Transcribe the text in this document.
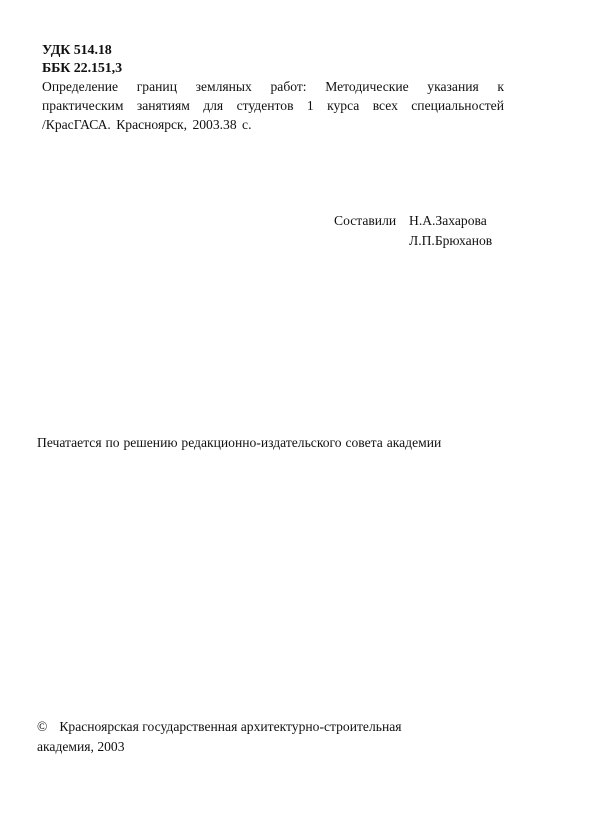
УДК 514.18
ББК 22.151,3

Определение границ земляных работ: Методические указания к
практическим занятиям для студентов 1 курса всех специальностей
/КрасГАСА. Красноярск, 2003.38 с.

Составили Н.А.Захарова
Л.П.Брюханов
Печатается по решению редакционно-издательского совета академии
© Красноярская государственная архитектурно-строительная
академия, 2003
